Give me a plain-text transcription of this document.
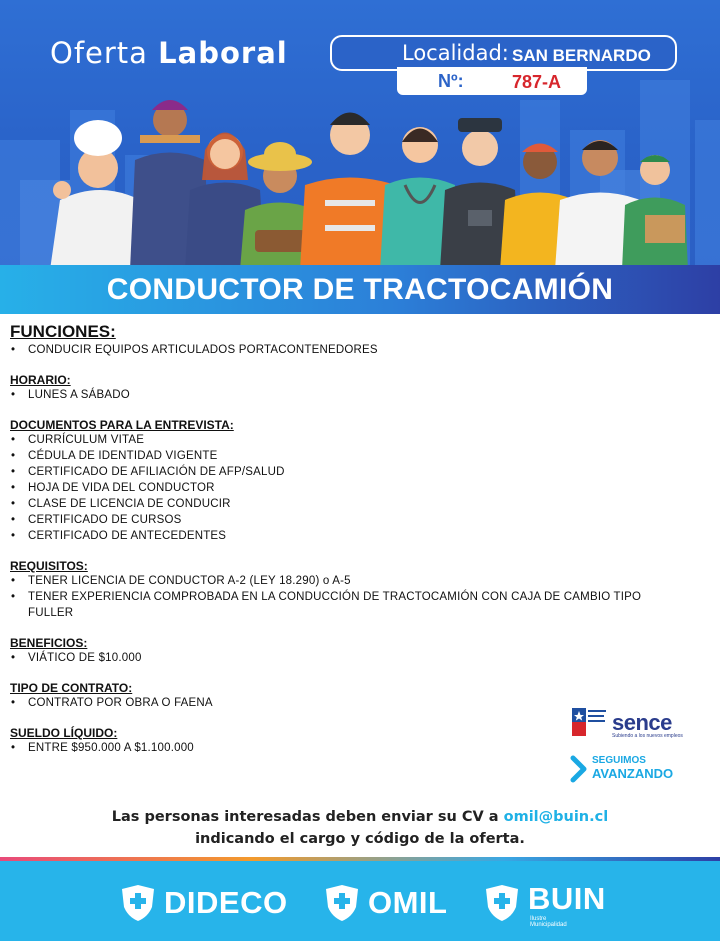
Oferta Laboral	Localidad: SAN BERNARDO
Nº:	787-A
CONDUCTOR DE TRACTOCAMIÓN
FUNCIONES:
• CONDUCIR EQUIPOS ARTICULADOS PORTACONTENEDORES
HORARIO:
• LUNES A SÁBADO
DOCUMENTOS PARA LA ENTREVISTA:
• CURRÍCULUM VITAE
• CÉDULA DE IDENTIDAD VIGENTE
• CERTIFICADO DE AFILIACIÓN DE AFP/SALUD
• HOJA DE VIDA DEL CONDUCTOR
• CLASE DE LICENCIA DE CONDUCIR
• CERTIFICADO DE CURSOS
• CERTIFICADO DE ANTECEDENTES
REQUISITOS:
• TENER LICENCIA DE CONDUCTOR A-2 (LEY 18.290) o A-5
• TENER EXPERIENCIA COMPROBADA EN LA CONDUCCIÓN DE TRACTOCAMIÓN CON CAJA DE CAMBIO TIPO FULLER
BENEFICIOS:
• VIÁTICO DE $10.000
TIPO DE CONTRATO:
• CONTRATO POR OBRA O FAENA
SUELDO LÍQUIDO:
• ENTRE $950.000 A $1.100.000
sence
Subiendo a los nuevos empleos
SEGUIMOS
AVANZANDO
Las personas interesadas deben enviar su CV a omil@buin.cl
indicando el cargo y código de la oferta.
DIDECO	OMIL	BUIN
Ilustre Municipalidad
